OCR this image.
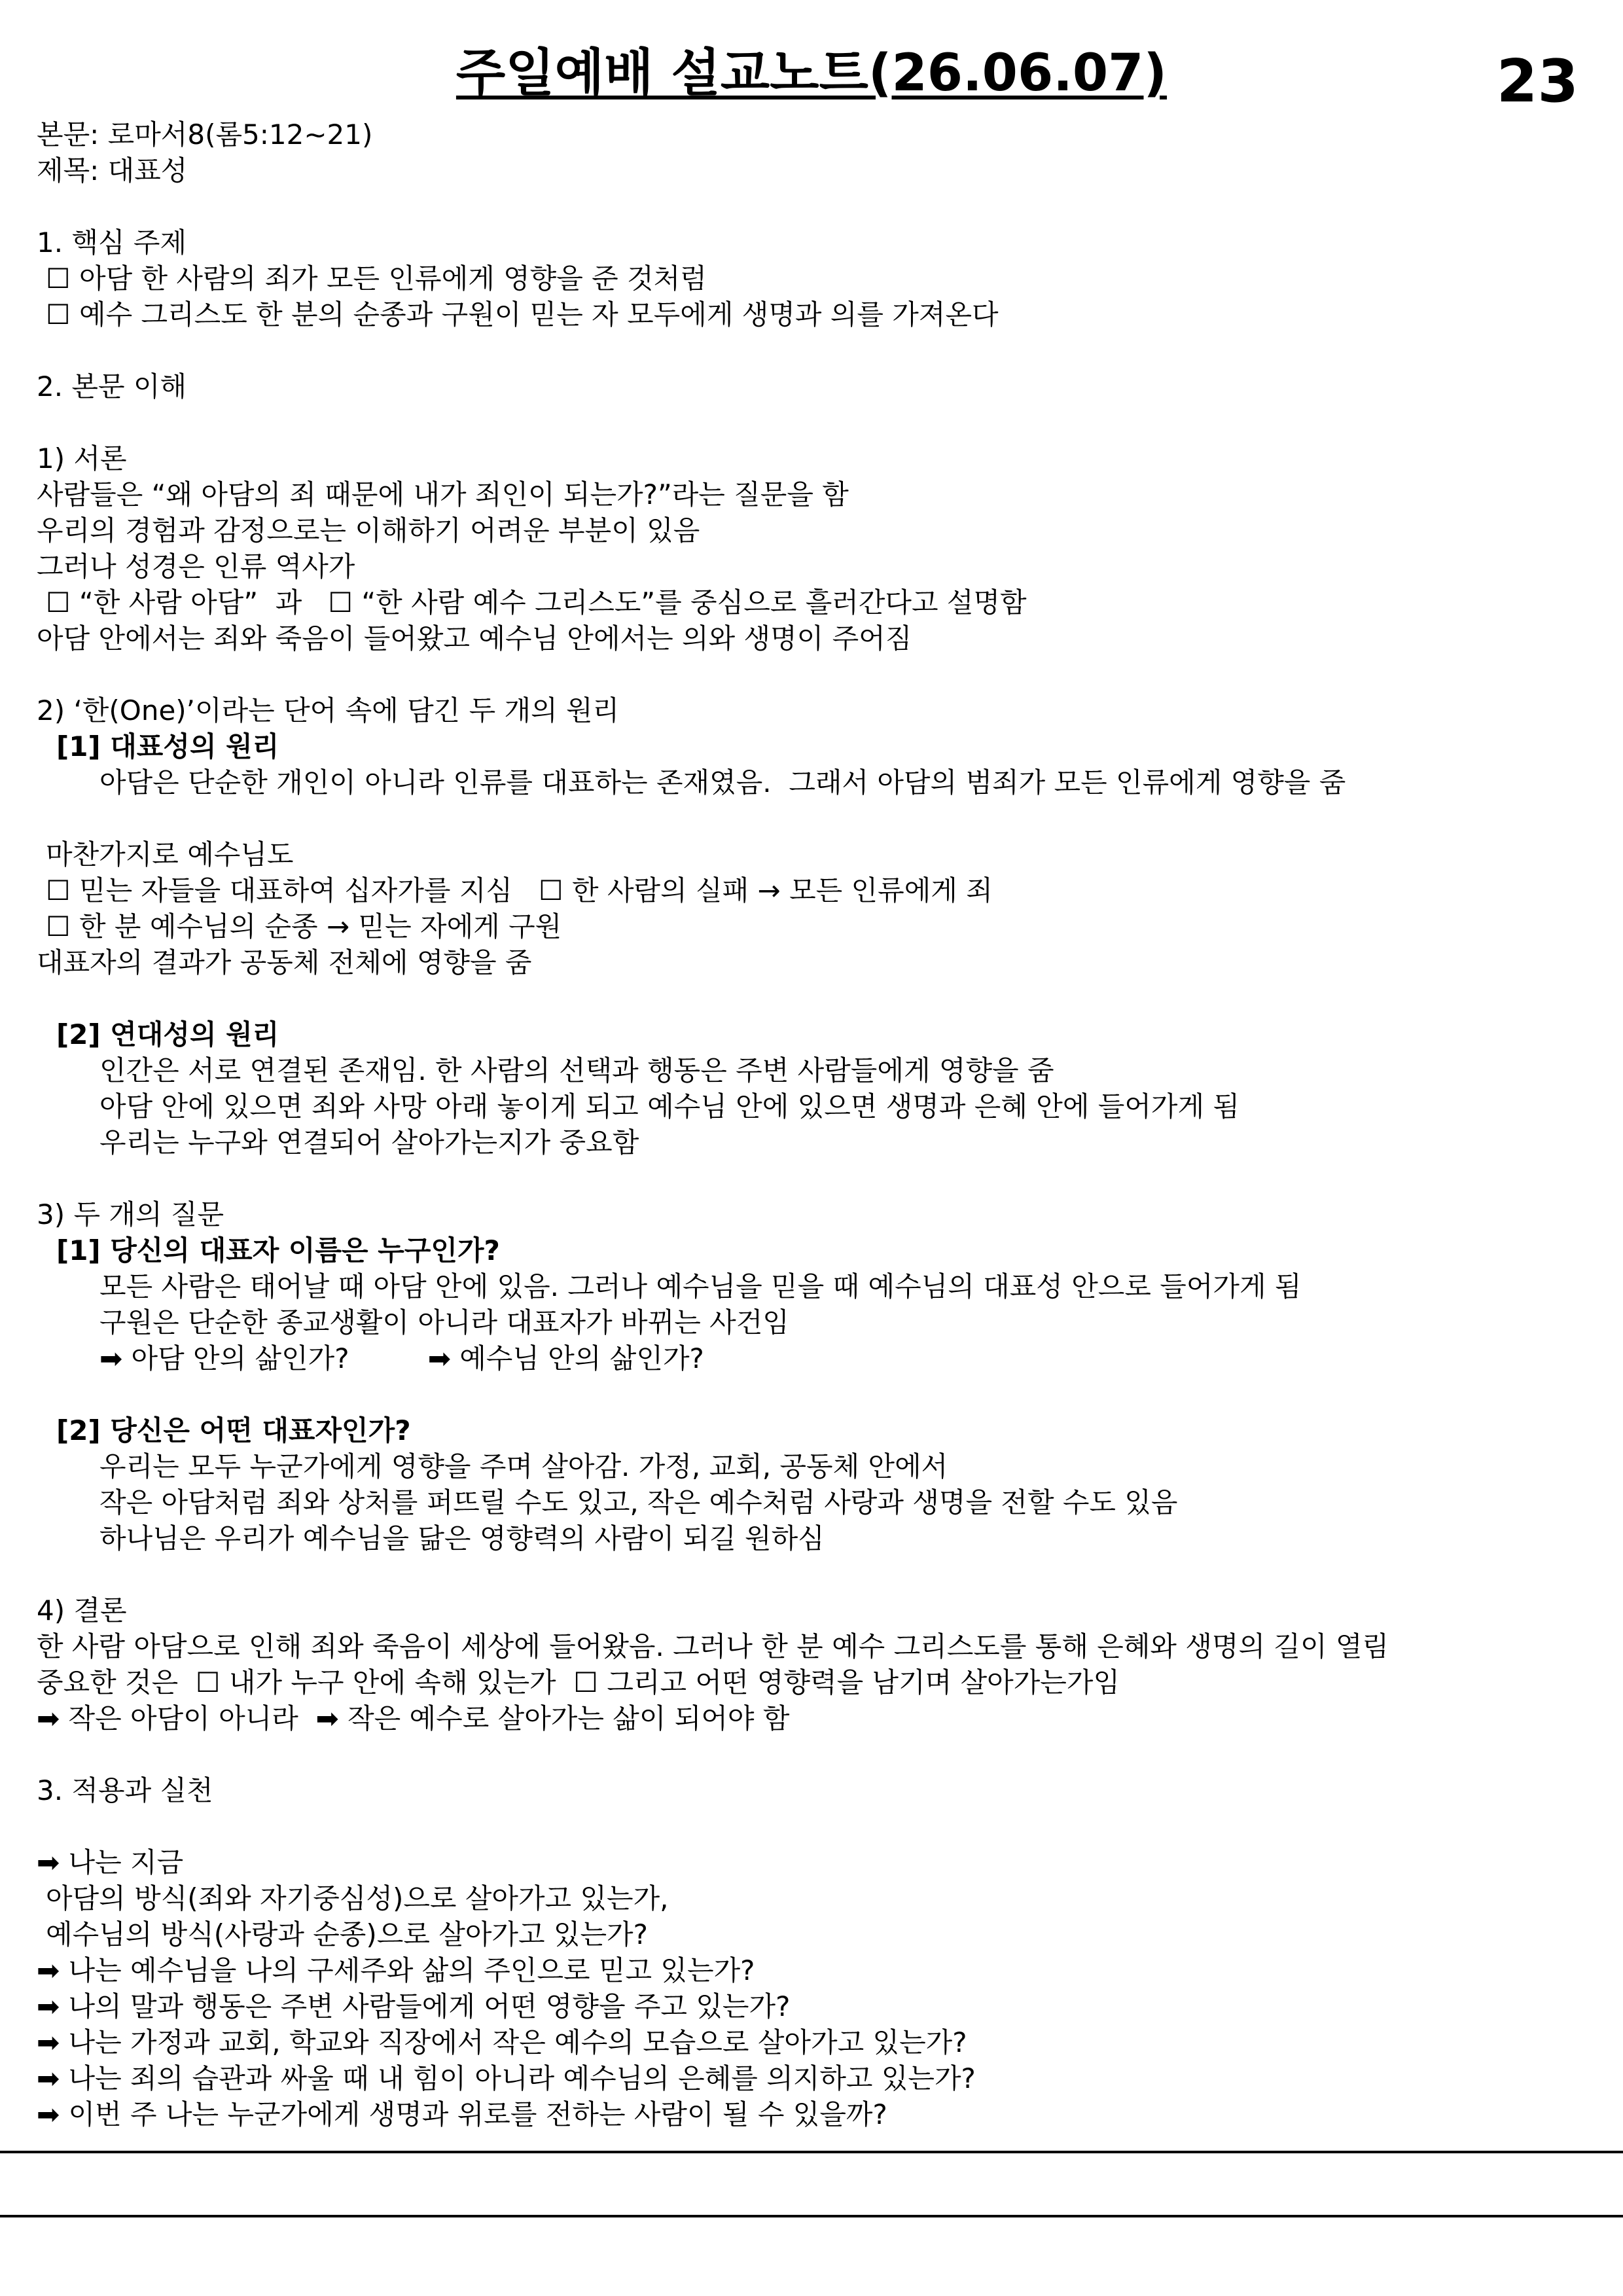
주일예배 설교노트(26.06.07)	23
본문: 로마서8(롬5:12~21)
제목: 대표성
1. 핵심 주제
☐ 아담 한 사람의 죄가 모든 인류에게 영향을 준 것처럼
☐ 예수 그리스도 한 분의 순종과 구원이 믿는 자 모두에게 생명과 의를 가져온다
2. 본문 이해
1) 서론
사람들은 “왜 아담의 죄 때문에 내가 죄인이 되는가?”라는 질문을 함
우리의 경험과 감정으로는 이해하기 어려운 부분이 있음
그러나 성경은 인류 역사가
☐ “한 사람 아담”  과   ☐ “한 사람 예수 그리스도”를 중심으로 흘러간다고 설명함
아담 안에서는 죄와 죽음이 들어왔고 예수님 안에서는 의와 생명이 주어짐
2) ‘한(One)’이라는 단어 속에 담긴 두 개의 원리
[1] 대표성의 원리
아담은 단순한 개인이 아니라 인류를 대표하는 존재였음.  그래서 아담의 범죄가 모든 인류에게 영향을 줌
마찬가지로 예수님도
☐ 믿는 자들을 대표하여 십자가를 지심   ☐ 한 사람의 실패 → 모든 인류에게 죄
☐ 한 분 예수님의 순종 → 믿는 자에게 구원
대표자의 결과가 공동체 전체에 영향을 줌
[2] 연대성의 원리
인간은 서로 연결된 존재임. 한 사람의 선택과 행동은 주변 사람들에게 영향을 줌
아담 안에 있으면 죄와 사망 아래 놓이게 되고 예수님 안에 있으면 생명과 은혜 안에 들어가게 됨
우리는 누구와 연결되어 살아가는지가 중요함
3) 두 개의 질문
[1] 당신의 대표자 이름은 누구인가?
모든 사람은 태어날 때 아담 안에 있음. 그러나 예수님을 믿을 때 예수님의 대표성 안으로 들어가게 됨
구원은 단순한 종교생활이 아니라 대표자가 바뀌는 사건임
➡ 아담 안의 삶인가?         ➡ 예수님 안의 삶인가?
[2] 당신은 어떤 대표자인가?
우리는 모두 누군가에게 영향을 주며 살아감. 가정, 교회, 공동체 안에서
작은 아담처럼 죄와 상처를 퍼뜨릴 수도 있고, 작은 예수처럼 사랑과 생명을 전할 수도 있음
하나님은 우리가 예수님을 닮은 영향력의 사람이 되길 원하심
4) 결론
한 사람 아담으로 인해 죄와 죽음이 세상에 들어왔음. 그러나 한 분 예수 그리스도를 통해 은혜와 생명의 길이 열림
중요한 것은  ☐ 내가 누구 안에 속해 있는가  ☐ 그리고 어떤 영향력을 남기며 살아가는가임
➡ 작은 아담이 아니라  ➡ 작은 예수로 살아가는 삶이 되어야 함
3. 적용과 실천
➡ 나는 지금
아담의 방식(죄와 자기중심성)으로 살아가고 있는가,
예수님의 방식(사랑과 순종)으로 살아가고 있는가?
➡ 나는 예수님을 나의 구세주와 삶의 주인으로 믿고 있는가?
➡ 나의 말과 행동은 주변 사람들에게 어떤 영향을 주고 있는가?
➡ 나는 가정과 교회, 학교와 직장에서 작은 예수의 모습으로 살아가고 있는가?
➡ 나는 죄의 습관과 싸울 때 내 힘이 아니라 예수님의 은혜를 의지하고 있는가?
➡ 이번 주 나는 누군가에게 생명과 위로를 전하는 사람이 될 수 있을까?
